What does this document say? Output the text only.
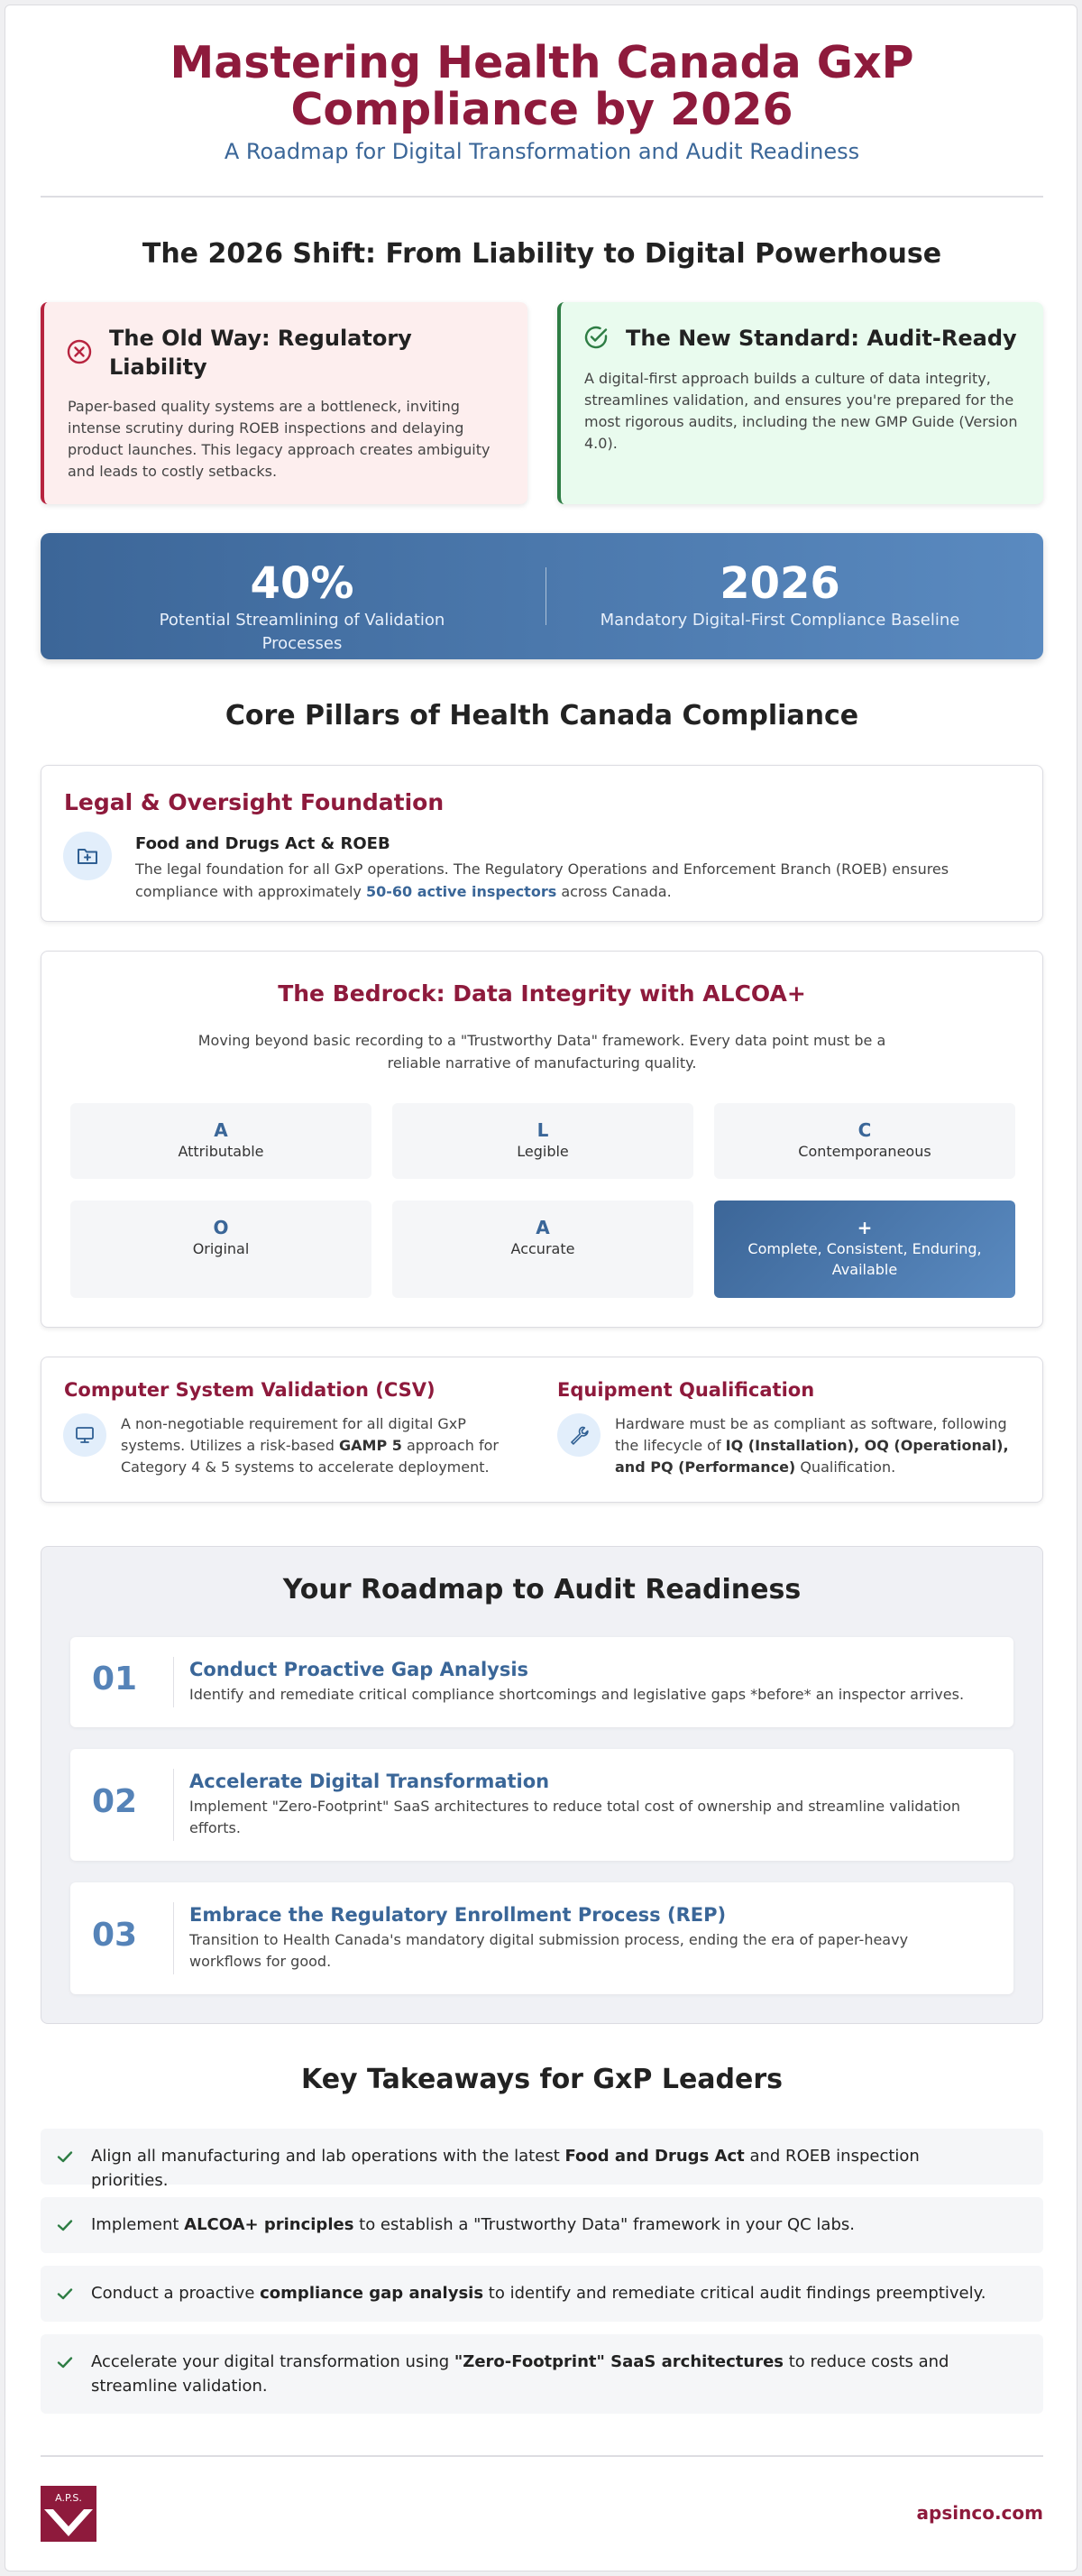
Mastering Health Canada GxP
Compliance by 2026
A Roadmap for Digital Transformation and Audit Readiness
The 2026 Shift: From Liability to Digital Powerhouse
The Old Way: Regulatory Liability
Paper-based quality systems are a bottleneck, inviting intense scrutiny during ROEB inspections and delaying product launches. This legacy approach creates ambiguity and leads to costly setbacks.
The New Standard: Audit-Ready
A digital-first approach builds a culture of data integrity, streamlines validation, and ensures you're prepared for the most rigorous audits, including the new GMP Guide (Version 4.0).
40%
Potential Streamlining of Validation Processes
2026
Mandatory Digital-First Compliance Baseline
Core Pillars of Health Canada Compliance
Legal & Oversight Foundation
Food and Drugs Act & ROEB
The legal foundation for all GxP operations. The Regulatory Operations and Enforcement Branch (ROEB) ensures compliance with approximately 50-60 active inspectors across Canada.
The Bedrock: Data Integrity with ALCOA+
Moving beyond basic recording to a "Trustworthy Data" framework. Every data point must be a reliable narrative of manufacturing quality.
A
Attributable
L
Legible
C
Contemporaneous
O
Original
A
Accurate
+
Complete, Consistent, Enduring, Available
Computer System Validation (CSV)
A non-negotiable requirement for all digital GxP systems. Utilizes a risk-based GAMP 5 approach for Category 4 & 5 systems to accelerate deployment.
Equipment Qualification
Hardware must be as compliant as software, following the lifecycle of IQ (Installation), OQ (Operational), and PQ (Performance) Qualification.
Your Roadmap to Audit Readiness
01	Conduct Proactive Gap Analysis
Identify and remediate critical compliance shortcomings and legislative gaps *before* an inspector arrives.
02
Accelerate Digital Transformation
Implement "Zero-Footprint" SaaS architectures to reduce total cost of ownership and streamline validation efforts.
03
Embrace the Regulatory Enrollment Process (REP)
Transition to Health Canada's mandatory digital submission process, ending the era of paper-heavy workflows for good.
Key Takeaways for GxP Leaders
Align all manufacturing and lab operations with the latest Food and Drugs Act and ROEB inspection priorities.
Implement ALCOA+ principles to establish a "Trustworthy Data" framework in your QC labs.
Conduct a proactive compliance gap analysis to identify and remediate critical audit findings preemptively.
Accelerate your digital transformation using "Zero-Footprint" SaaS architectures to reduce costs and streamline validation.
A.P.S.
apsinco.com
